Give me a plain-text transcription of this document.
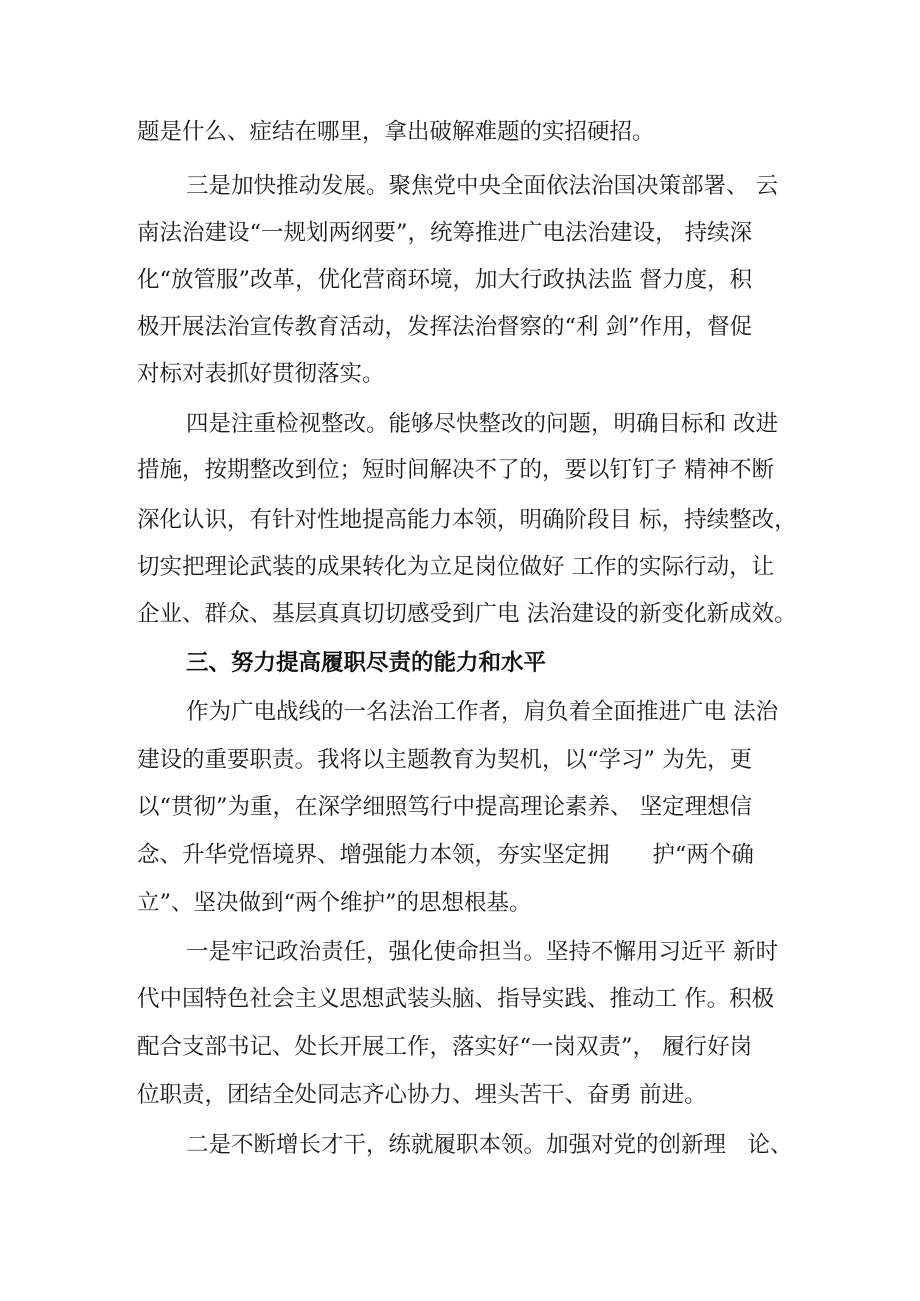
题是什么、症结在哪里，拿出破解难题的实招硬招。
三是加快推动发展。聚焦党中央全面依法治国决策部署、 云
南法治建设“一规划两纲要”，统筹推进广电法治建设， 持续深
化“放管服”改革，优化营商环境，加大行政执法监 督力度，积
极开展法治宣传教育活动，发挥法治督察的“利 剑”作用，督促
对标对表抓好贯彻落实。
四是注重检视整改。能够尽快整改的问题，明确目标和 改进
措施，按期整改到位；短时间解决不了的，要以钉钉子 精神不断
深化认识，有针对性地提高能力本领，明确阶段目 标，持续整改，
切实把理论武装的成果转化为立足岗位做好 工作的实际行动，让
企业、群众、基层真真切切感受到广电 法治建设的新变化新成效。
三、努力提高履职尽责的能力和水平
作为广电战线的一名法治工作者，肩负着全面推进广电 法治
建设的重要职责。我将以主题教育为契机，以“学习” 为先，更
以“贯彻”为重，在深学细照笃行中提高理论素养、 坚定理想信
念、升华党悟境界、增强能力本领，夯实坚定拥      护“两个确
立”、坚决做到“两个维护”的思想根基。
一是牢记政治责任，强化使命担当。坚持不懈用习近平 新时
代中国特色社会主义思想武装头脑、指导实践、推动工 作。积极
配合支部书记、处长开展工作，落实好“一岗双责”， 履行好岗
位职责，团结全处同志齐心协力、埋头苦干、奋勇 前进。
二是不断增长才干，练就履职本领。加强对党的创新理   论、
